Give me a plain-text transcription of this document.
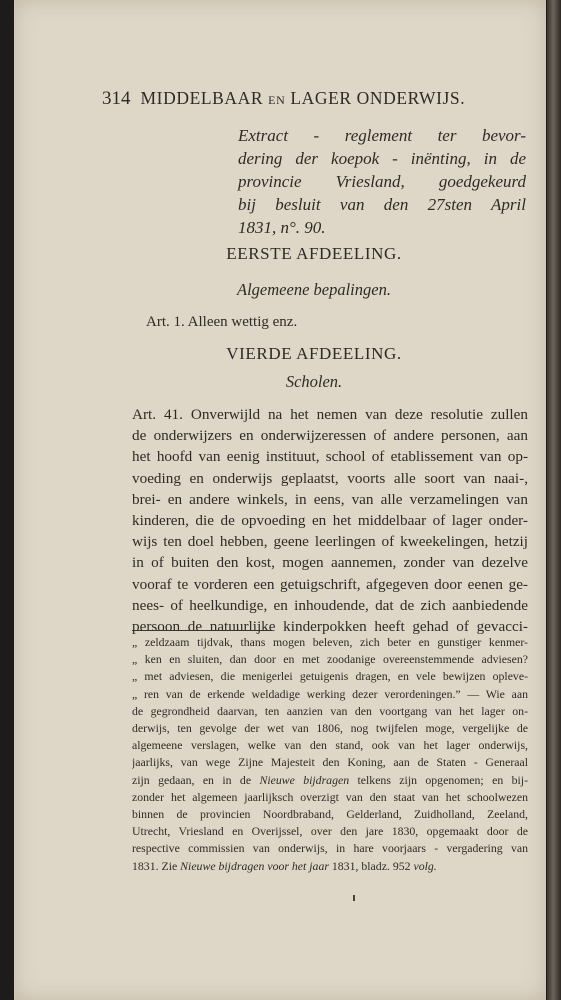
314 MIDDELBAAR EN LAGER ONDERWIJS.
Extract - reglement ter bevor-
dering der koepok - inënting, in de
provincie Vriesland, goedgekeurd
bij besluit van den 27sten April
1831, n°. 90.
EERSTE AFDEELING.
Algemeene bepalingen.
Art. 1. Alleen wettig enz.
VIERDE AFDEELING.
Scholen.
Art. 41. Onverwijld na het nemen van deze resolutie zullen
de onderwijzers en onderwijzeressen of andere personen, aan
het hoofd van eenig instituut, school of etablissement van op-
voeding en onderwijs geplaatst, voorts alle soort van naai-,
brei- en andere winkels, in eens, van alle verzamelingen van
kinderen, die de opvoeding en het middelbaar of lager onder-
wijs ten doel hebben, geene leerlingen of kweekelingen, hetzij
in of buiten den kost, mogen aannemen, zonder van dezelve
vooraf te vorderen een getuigschrift, afgegeven door eenen ge-
nees- of heelkundige, en inhoudende, dat de zich aanbiedende
persoon de natuurlijke kinderpokken heeft gehad of gevacci-
„ zeldzaam tijdvak, thans mogen beleven, zich beter en gunstiger kenmer-
„ ken en sluiten, dan door en met zoodanige overeenstemmende adviesen?
„ met adviesen, die menigerlei getuigenis dragen, en vele bewijzen opleve-
„ ren van de erkende weldadige werking dezer verordeningen.” — Wie aan
de gegrondheid daarvan, ten aanzien van den voortgang van het lager on-
derwijs, ten gevolge der wet van 1806, nog twijfelen moge, vergelijke de
algemeene verslagen, welke van den stand, ook van het lager onderwijs,
jaarlijks, van wege Zijne Majesteit den Koning, aan de Staten - Generaal
zijn gedaan, en in de Nieuwe bijdragen telkens zijn opgenomen; en bij-
zonder het algemeen jaarlijksch overzigt van den staat van het schoolwezen
binnen de provincien Noordbraband, Gelderland, Zuidholland, Zeeland,
Utrecht, Vriesland en Overijssel, over den jare 1830, opgemaakt door de
respective commissien van onderwijs, in hare voorjaars - vergadering van
1831. Zie Nieuwe bijdragen voor het jaar 1831, bladz. 952 volg.
